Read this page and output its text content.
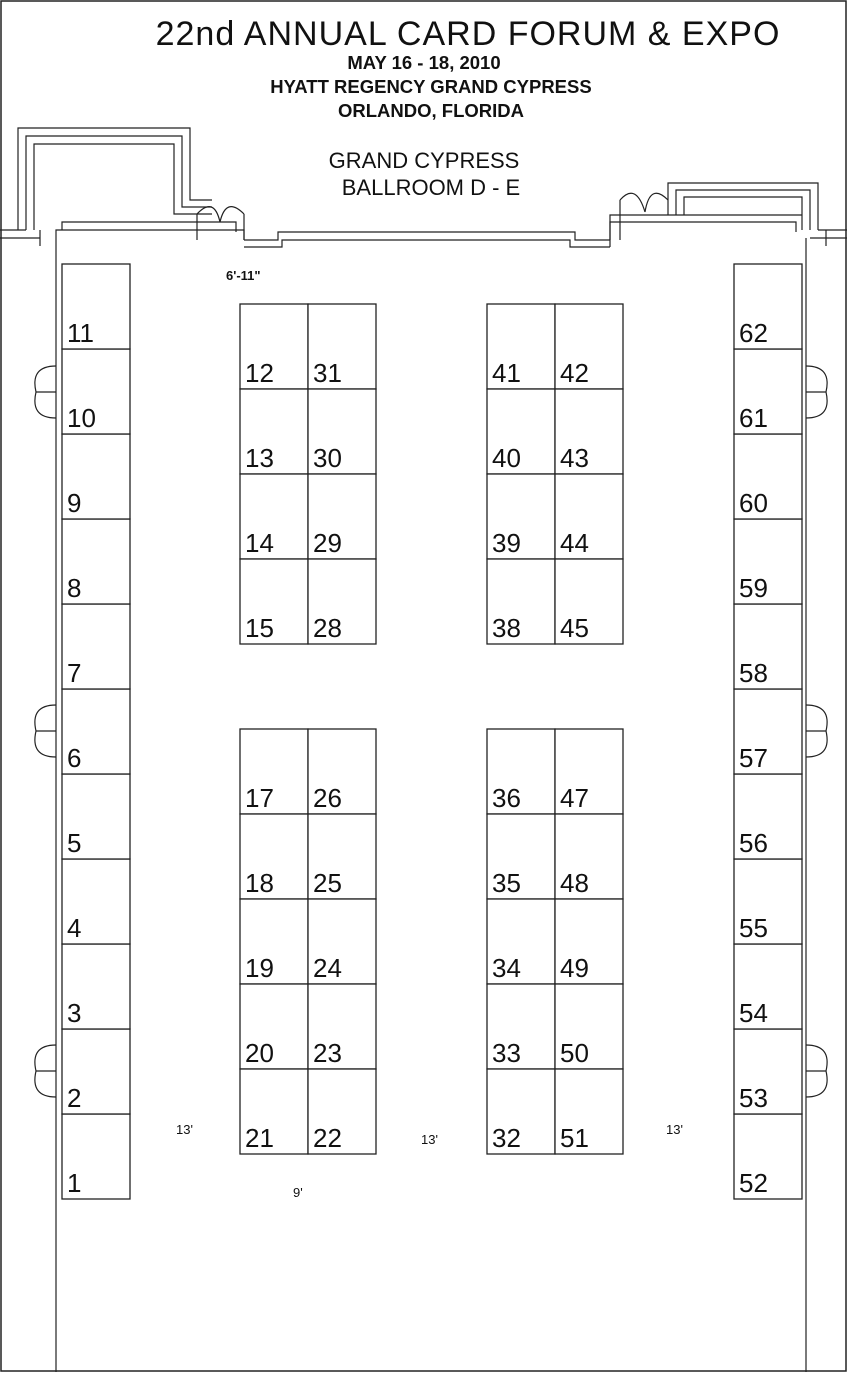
22nd ANNUAL CARD FORUM & EXPO
MAY 16 - 18, 2010
HYATT REGENCY GRAND CYPRESS
ORLANDO, FLORIDA
GRAND CYPRESS
BALLROOM D - E
1
2
3
4
5
6
7
8
9
10
11
52
53
54
55
56
57
58
59
60
61
62
12 31
13 30
14 29
15 28
41 42
40 43
39 44
38 45
17 26
18 25
19 24
20 23
21 22
36 47
35 48
34 49
33 50
32 51
6'-11"
13'
13'
13'
9'
